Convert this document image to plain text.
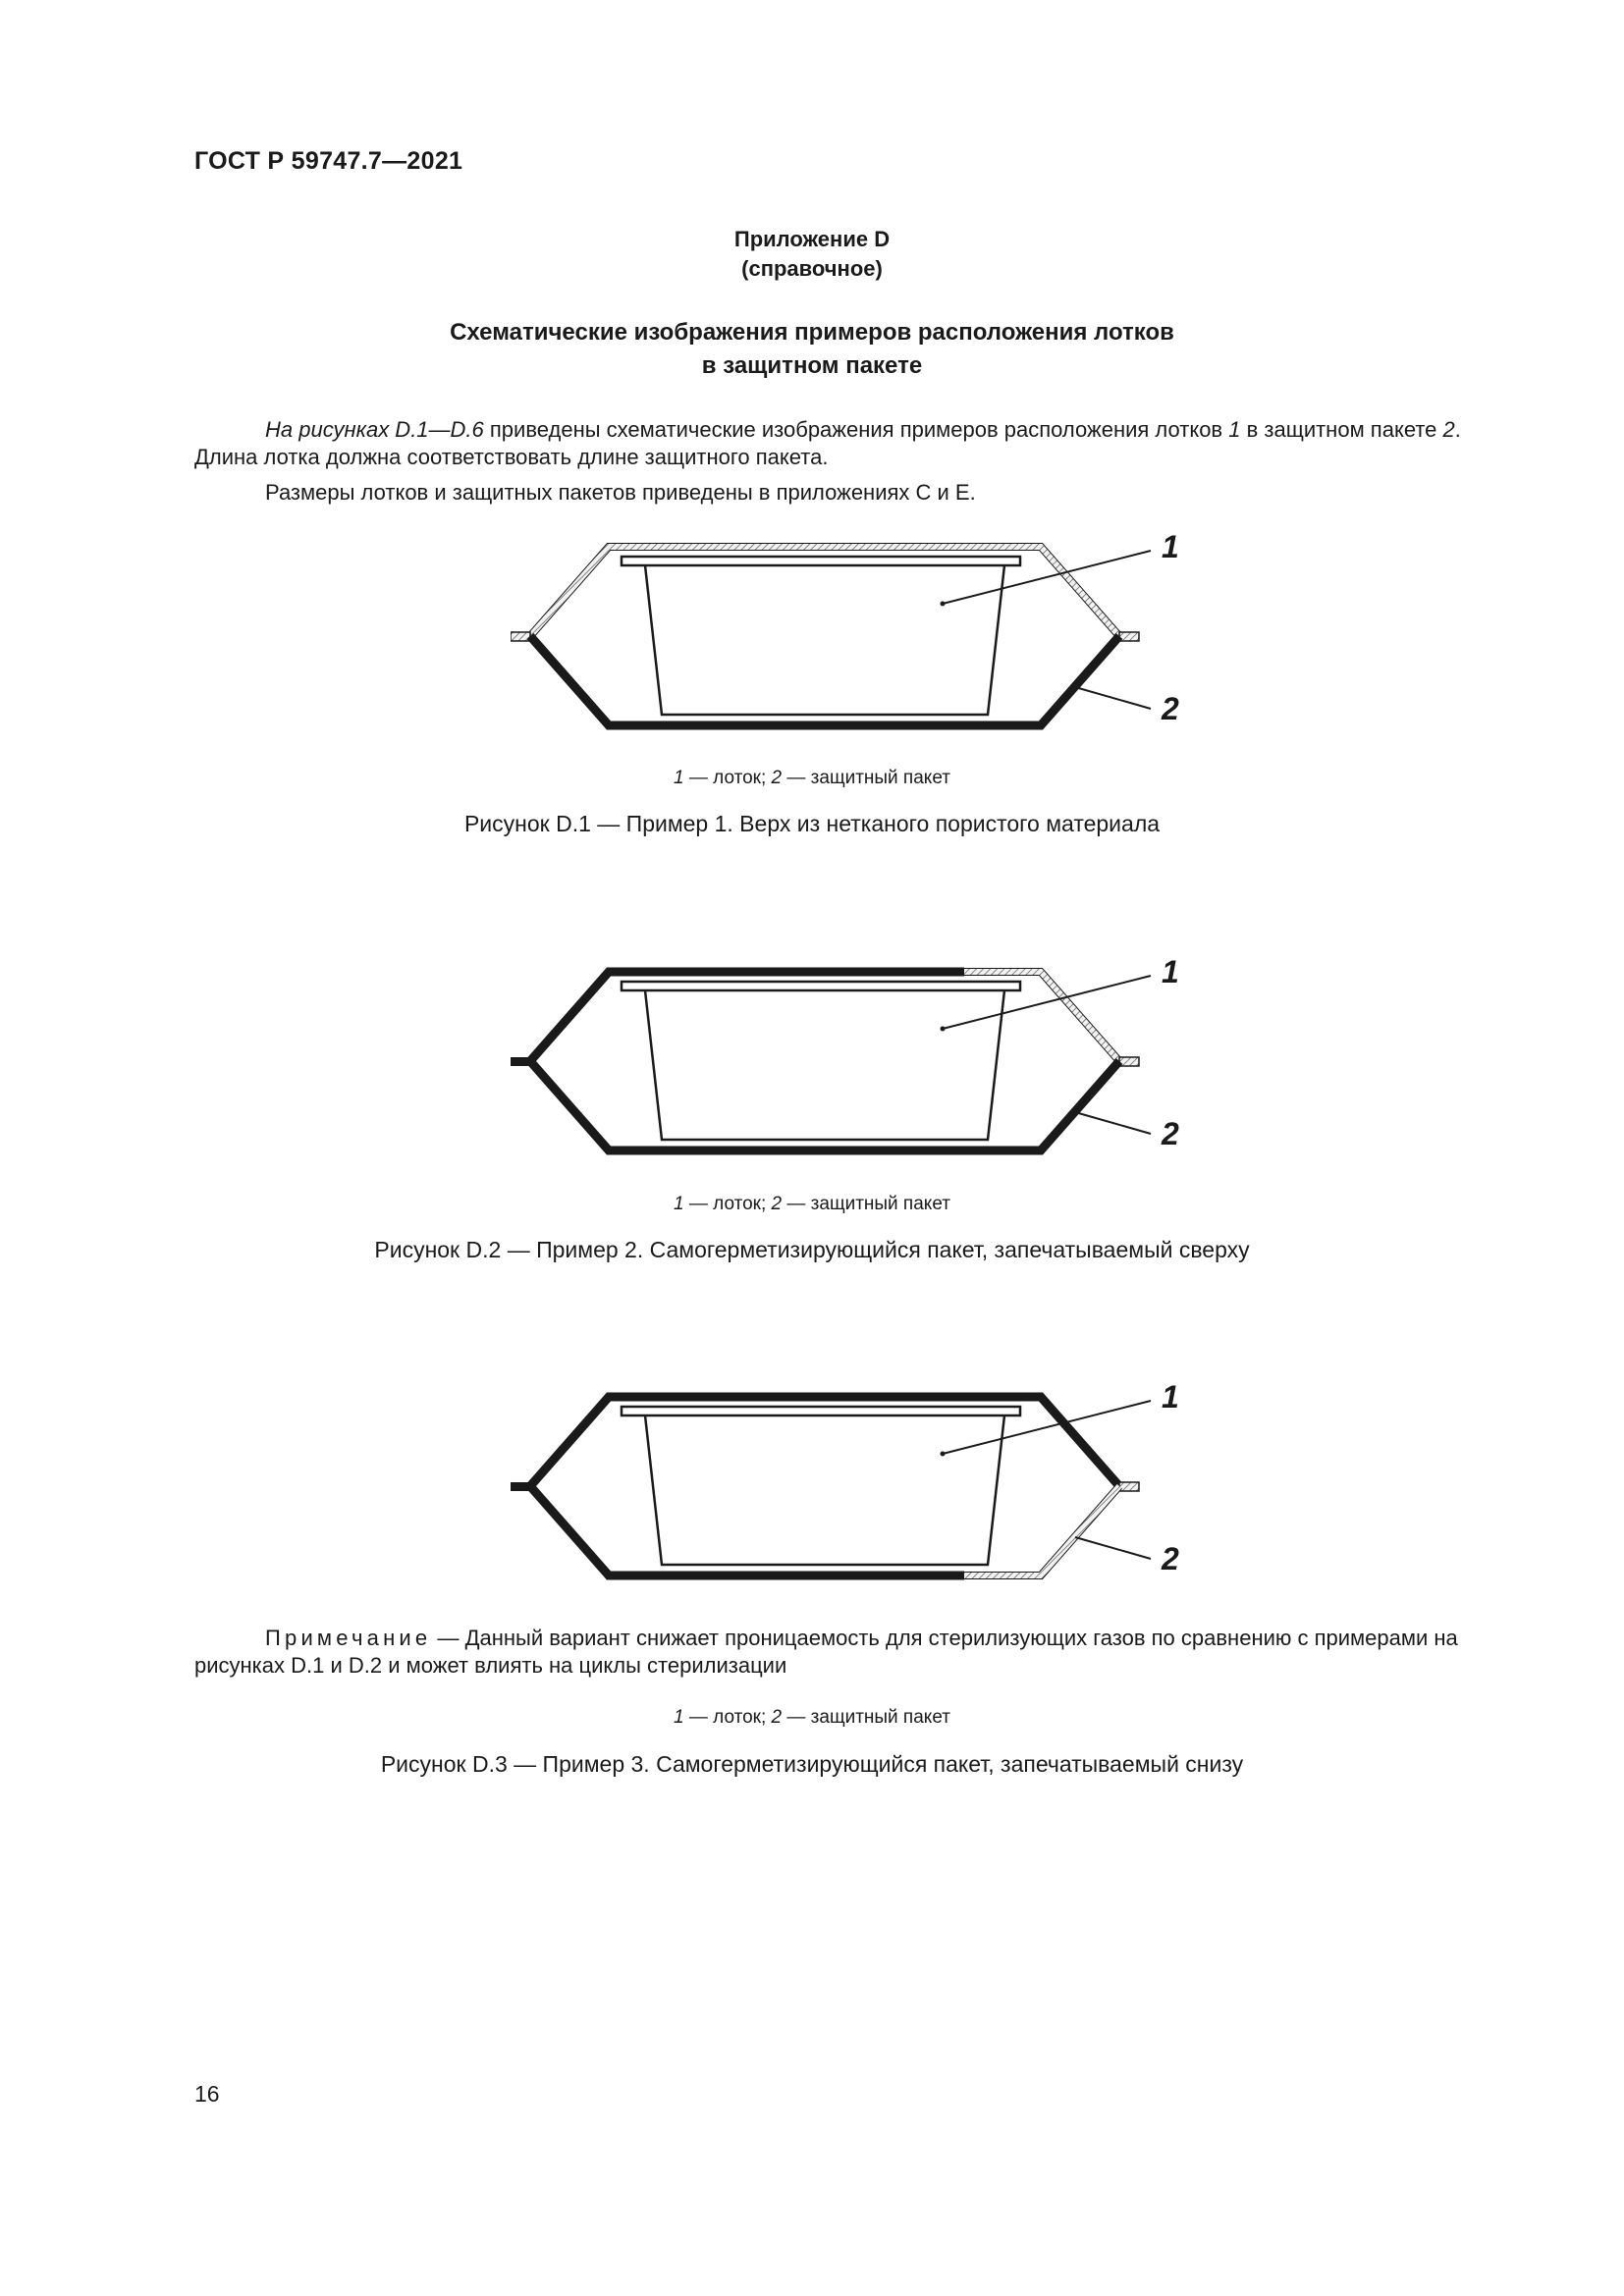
ГОСТ Р 59747.7—2021
Приложение D
(справочное)
Схематические изображения примеров расположения лотков
в защитном пакете
На рисунках D.1—D.6 приведены схематические изображения примеров расположения лотков 1 в защитном пакете 2. Длина лотка должна соответствовать длине защитного пакета.
Размеры лотков и защитных пакетов приведены в приложениях С и Е.
1
2
1 — лоток; 2 — защитный пакет
Рисунок D.1 — Пример 1. Верх из нетканого пористого материала
1
2
1 — лоток; 2 — защитный пакет
Рисунок D.2 — Пример 2. Самогерметизирующийся пакет, запечатываемый сверху
1
2
Примечание — Данный вариант снижает проницаемость для стерилизующих газов по сравнению с примерами на рисунках D.1 и D.2 и может влиять на циклы стерилизации
1 — лоток; 2 — защитный пакет
Рисунок D.3 — Пример 3. Самогерметизирующийся пакет, запечатываемый снизу
16
